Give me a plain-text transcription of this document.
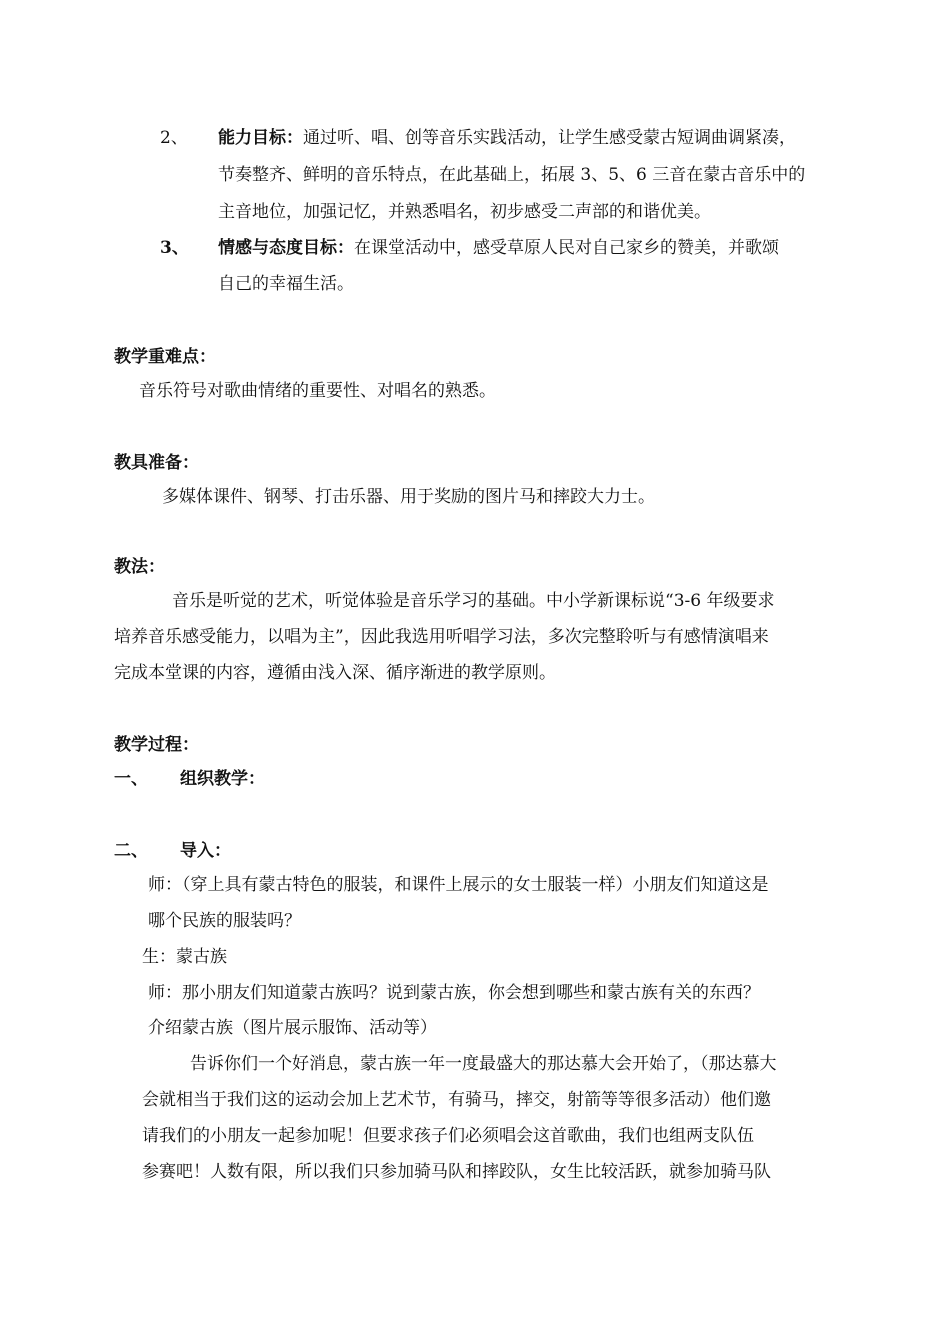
2、 能力目标：通过听、唱、创等音乐实践活动，让学生感受蒙古短调曲调紧凑，
节奏整齐、鲜明的音乐特点，在此基础上，拓展 3、5、6 三音在蒙古音乐中的
主音地位，加强记忆，并熟悉唱名，初步感受二声部的和谐优美。
3、 情感与态度目标：在课堂活动中，感受草原人民对自己家乡的赞美，并歌颂
自己的幸福生活。
教学重难点：
音乐符号对歌曲情绪的重要性、对唱名的熟悉。
教具准备：
多媒体课件、钢琴、打击乐器、用于奖励的图片马和摔跤大力士。
教法：
音乐是听觉的艺术，听觉体验是音乐学习的基础。中小学新课标说“3-6 年级要求
培养音乐感受能力，以唱为主”，因此我选用听唱学习法，多次完整聆听与有感情演唱来
完成本堂课的内容，遵循由浅入深、循序渐进的教学原则。
教学过程：
一、 组织教学：
二、 导入：
师：（穿上具有蒙古特色的服装，和课件上展示的女士服装一样）小朋友们知道这是
哪个民族的服装吗？
生：蒙古族
师：那小朋友们知道蒙古族吗？说到蒙古族，你会想到哪些和蒙古族有关的东西？
介绍蒙古族（图片展示服饰、活动等）
告诉你们一个好消息，蒙古族一年一度最盛大的那达慕大会开始了，（那达慕大
会就相当于我们这的运动会加上艺术节，有骑马，摔交，射箭等等很多活动）他们邀
请我们的小朋友一起参加呢！但要求孩子们必须唱会这首歌曲，我们也组两支队伍
参赛吧！人数有限，所以我们只参加骑马队和摔跤队，女生比较活跃，就参加骑马队
